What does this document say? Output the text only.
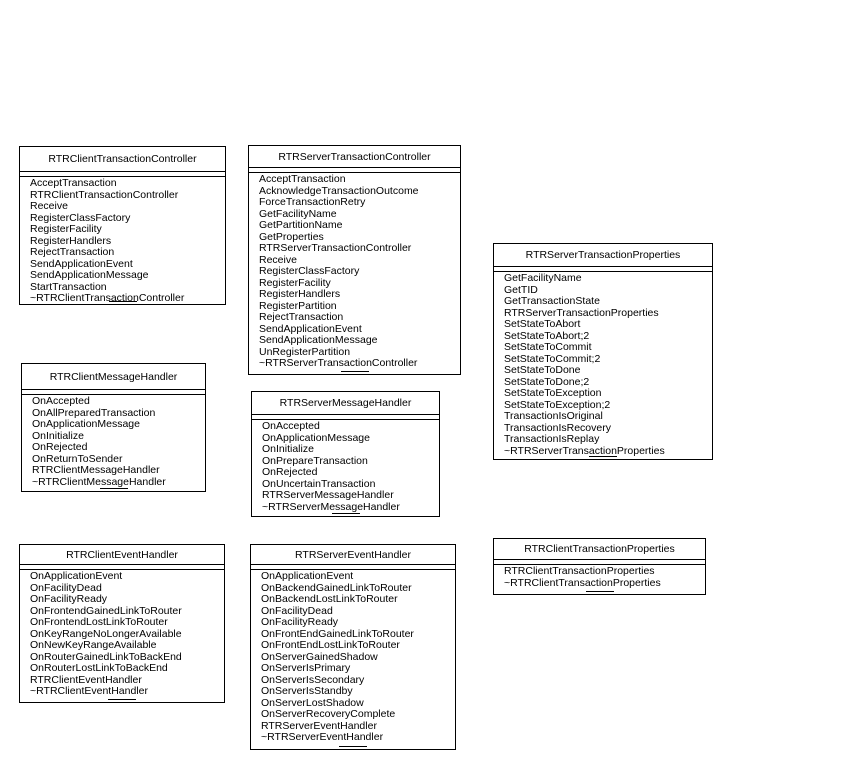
RTRClientTransactionController
AcceptTransaction
RTRClientTransactionController
Receive
RegisterClassFactory
RegisterFacility
RegisterHandlers
RejectTransaction
SendApplicationEvent
SendApplicationMessage
StartTransaction
~RTRClientTransactionController
RTRServerTransactionController
AcceptTransaction
AcknowledgeTransactionOutcome
ForceTransactionRetry
GetFacilityName
GetPartitionName
GetProperties
RTRServerTransactionController
Receive
RegisterClassFactory
RegisterFacility
RegisterHandlers
RegisterPartition
RejectTransaction
SendApplicationEvent
SendApplicationMessage
UnRegisterPartition
~RTRServerTransactionController
RTRServerTransactionProperties
GetFacilityName
GetTID
GetTransactionState
RTRServerTransactionProperties
SetStateToAbort
SetStateToAbort;2
SetStateToCommit
SetStateToCommit;2
SetStateToDone
SetStateToDone;2
SetStateToException
SetStateToException;2
TransactionIsOriginal
TransactionIsRecovery
TransactionIsReplay
~RTRServerTransactionProperties
RTRClientMessageHandler
OnAccepted
OnAllPreparedTransaction
OnApplicationMessage
OnInitialize
OnRejected
OnReturnToSender
RTRClientMessageHandler
~RTRClientMessageHandler
RTRServerMessageHandler
OnAccepted
OnApplicationMessage
OnInitialize
OnPrepareTransaction
OnRejected
OnUncertainTransaction
RTRServerMessageHandler
~RTRServerMessageHandler
RTRClientEventHandler
OnApplicationEvent
OnFacilityDead
OnFacilityReady
OnFrontendGainedLinkToRouter
OnFrontendLostLinkToRouter
OnKeyRangeNoLongerAvailable
OnNewKeyRangeAvailable
OnRouterGainedLinkToBackEnd
OnRouterLostLinkToBackEnd
RTRClientEventHandler
~RTRClientEventHandler
RTRServerEventHandler
OnApplicationEvent
OnBackendGainedLinkToRouter
OnBackendLostLinkToRouter
OnFacilityDead
OnFacilityReady
OnFrontEndGainedLinkToRouter
OnFrontEndLostLinkToRouter
OnServerGainedShadow
OnServerIsPrimary
OnServerIsSecondary
OnServerIsStandby
OnServerLostShadow
OnServerRecoveryComplete
RTRServerEventHandler
~RTRServerEventHandler
RTRClientTransactionProperties
RTRClientTransactionProperties
~RTRClientTransactionProperties
